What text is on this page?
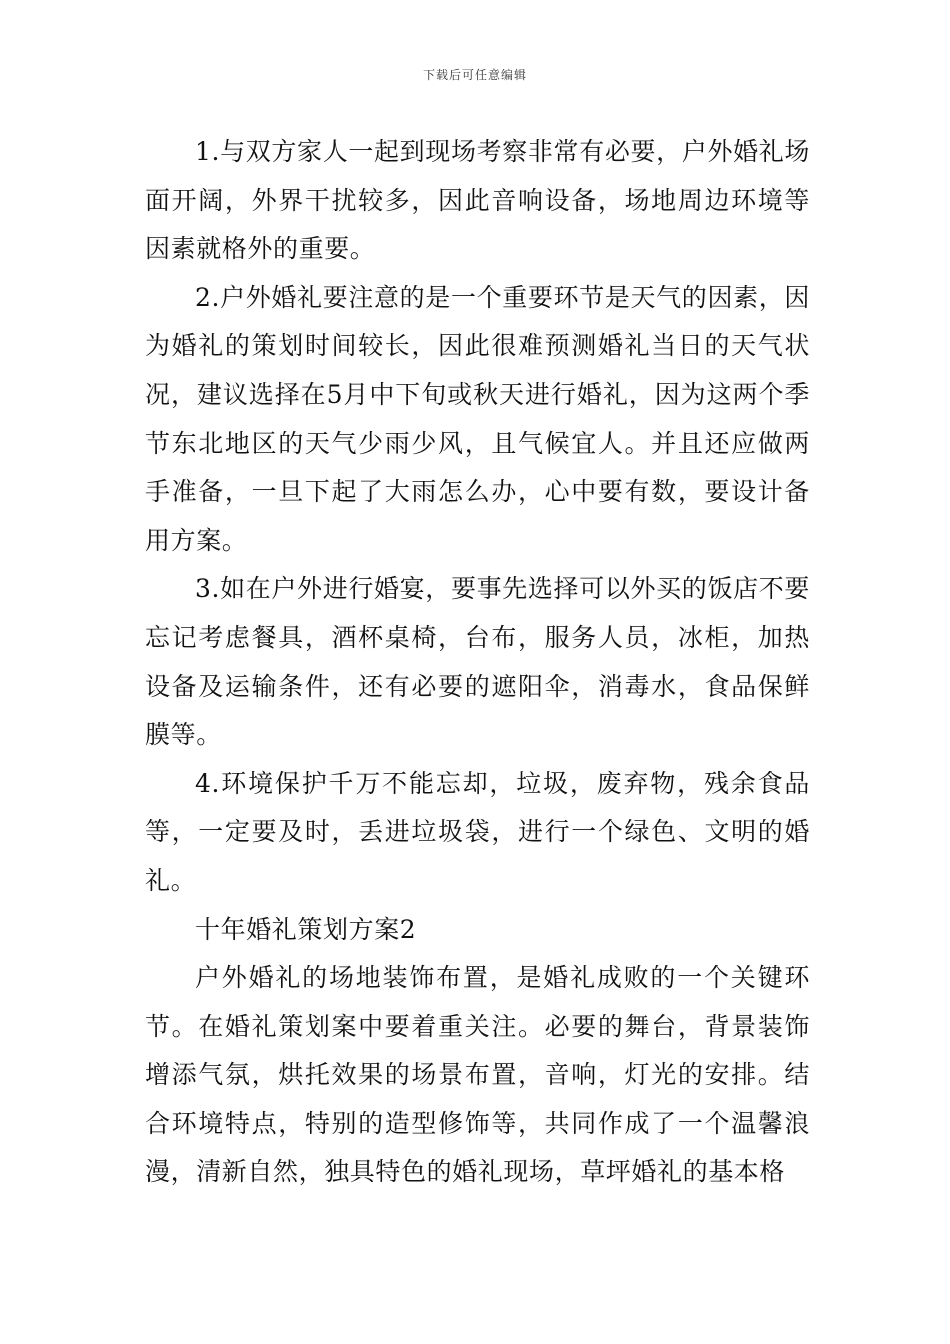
下载后可任意编辑

1.与双方家人一起到现场考察非常有必要，户外婚礼场面开阔，外界干扰较多，因此音响设备，场地周边环境等因素就格外的重要。

2.户外婚礼要注意的是一个重要环节是天气的因素，因为婚礼的策划时间较长，因此很难预测婚礼当日的天气状况，建议选择在5月中下旬或秋天进行婚礼，因为这两个季节东北地区的天气少雨少风，且气候宜人。并且还应做两手准备，一旦下起了大雨怎么办，心中要有数，要设计备用方案。

3.如在户外进行婚宴，要事先选择可以外买的饭店不要忘记考虑餐具，酒杯桌椅，台布，服务人员，冰柜，加热设备及运输条件，还有必要的遮阳伞，消毒水，食品保鲜膜等。

4.环境保护千万不能忘却，垃圾，废弃物，残余食品等，一定要及时，丢进垃圾袋，进行一个绿色、文明的婚礼。

十年婚礼策划方案2

户外婚礼的场地装饰布置，是婚礼成败的一个关键环节。在婚礼策划案中要着重关注。必要的舞台，背景装饰增添气氛，烘托效果的场景布置，音响，灯光的安排。结合环境特点，特别的造型修饰等，共同作成了一个温馨浪漫，清新自然，独具特色的婚礼现场，草坪婚礼的基本格
